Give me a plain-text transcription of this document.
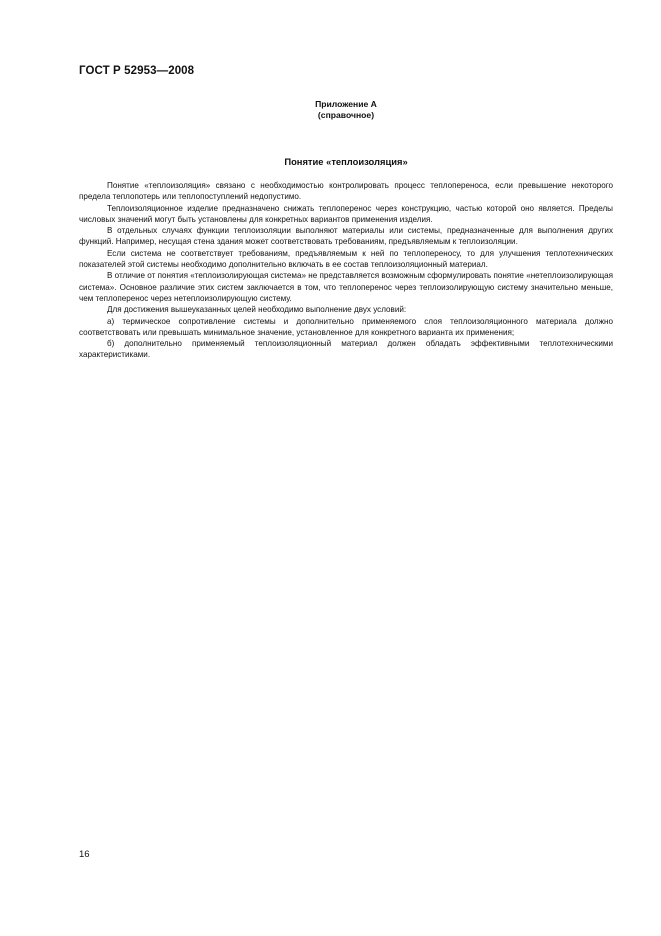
ГОСТ Р 52953—2008
Приложение А
(справочное)
Понятие «теплоизоляция»

Понятие «теплоизоляция» связано с необходимостью контролировать процесс теплопереноса, если превышение некоторого предела теплопотерь или теплопоступлений недопустимо.

Теплоизоляционное изделие предназначено снижать теплоперенос через конструкцию, частью которой оно является. Пределы числовых значений могут быть установлены для конкретных вариантов применения изделия.

В отдельных случаях функции теплоизоляции выполняют материалы или системы, предназначенные для выполнения других функций. Например, несущая стена здания может соответствовать требованиям, предъявляемым к теплоизоляции.

Если система не соответствует требованиям, предъявляемым к ней по теплопереносу, то для улучшения теплотехнических показателей этой системы необходимо дополнительно включать в ее состав теплоизоляционный материал.

В отличие от понятия «теплоизолирующая система» не представляется возможным сформулировать понятие «нетеплоизолирующая система». Основное различие этих систем заключается в том, что теплоперенос через теплоизолирующую систему значительно меньше, чем теплоперенос через нетеплоизолирующую систему.

Для достижения вышеуказанных целей необходимо выполнение двух условий:

а) термическое сопротивление системы и дополнительно применяемого слоя теплоизоляционного материала должно соответствовать или превышать минимальное значение, установленное для конкретного варианта их применения;

б) дополнительно применяемый теплоизоляционный материал должен обладать эффективными теплотехническими характеристиками.

16
